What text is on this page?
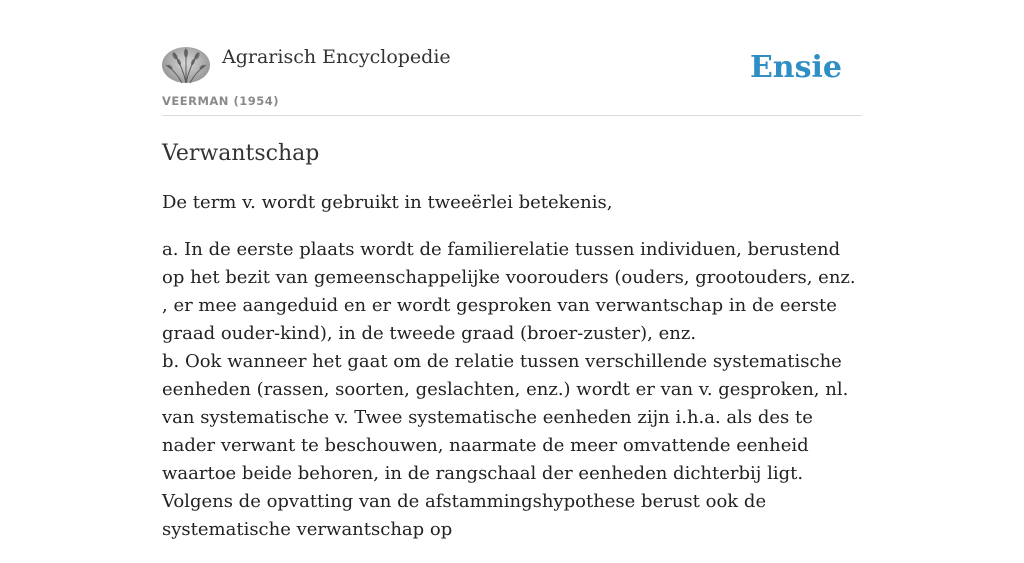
Agrarisch Encyclopedie
VEERMAN (1954)
Ensie
Verwantschap

De term v. wordt gebruikt in tweeërlei betekenis,

a. In de eerste plaats wordt de familierelatie tussen individuen, berustend op het bezit van gemeenschappelijke voorouders (ouders, grootouders, enz. , er mee aangeduid en er wordt gesproken van verwantschap in de eerste graad ouder-kind), in de tweede graad (broer-zuster), enz.
b. Ook wanneer het gaat om de relatie tussen verschillende systematische eenheden (rassen, soorten, geslachten, enz.) wordt er van v. gesproken, nl. van systematische v. Twee systematische eenheden zijn i.h.a. als des te nader verwant te beschouwen, naarmate de meer omvattende eenheid waartoe beide behoren, in de rangschaal der eenheden dichterbij ligt. Volgens de opvatting van de afstammingshypothese berust ook de systematische verwantschap op
